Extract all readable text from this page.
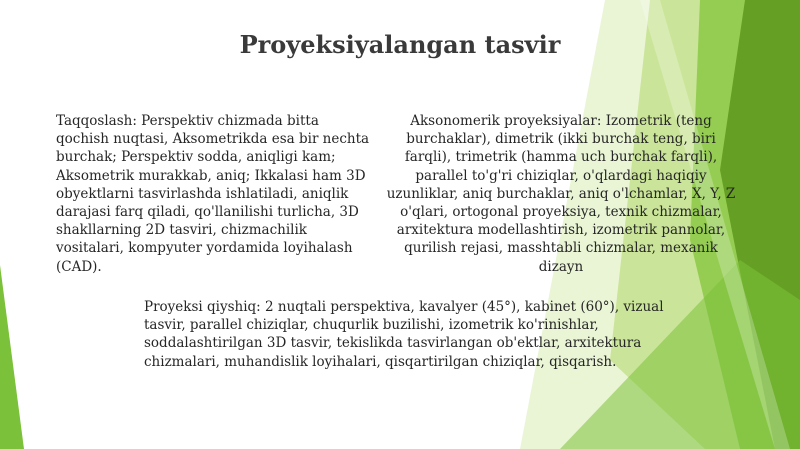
Proyeksiyalangan tasvir
Taqqoslash: Perspektiv chizmada bitta qochish nuqtasi, Aksometrikda esa bir nechta burchak; Perspektiv sodda, aniqligi kam; Aksometrik murakkab, aniq; Ikkalasi ham 3D obyektlarni tasvirlashda ishlatiladi, aniqlik darajasi farq qiladi, qo'llanilishi turlicha, 3D shakllarning 2D tasviri, chizmachilik vositalari, kompyuter yordamida loyihalash (CAD).
Aksonomerik proyeksiyalar: Izometrik (teng burchaklar), dimetrik (ikki burchak teng, biri farqli), trimetrik (hamma uch burchak farqli), parallel to'g'ri chiziqlar, o'qlardagi haqiqiy uzunliklar, aniq burchaklar, aniq o'lchamlar, X, Y, Z o'qlari, ortogonal proyeksiya, texnik chizmalar, arxitektura modellashtirish, izometrik pannolar, qurilish rejasi, masshtabli chizmalar, mexanik dizayn
Proyeksi qiyshiq: 2 nuqtali perspektiva, kavalyer (45°), kabinet (60°), vizual tasvir, parallel chiziqlar, chuqurlik buzilishi, izometrik ko'rinishlar, soddalashtirilgan 3D tasvir, tekislikda tasvirlangan ob'ektlar, arxitektura chizmalari, muhandislik loyihalari, qisqartirilgan chiziqlar, qisqarish.
